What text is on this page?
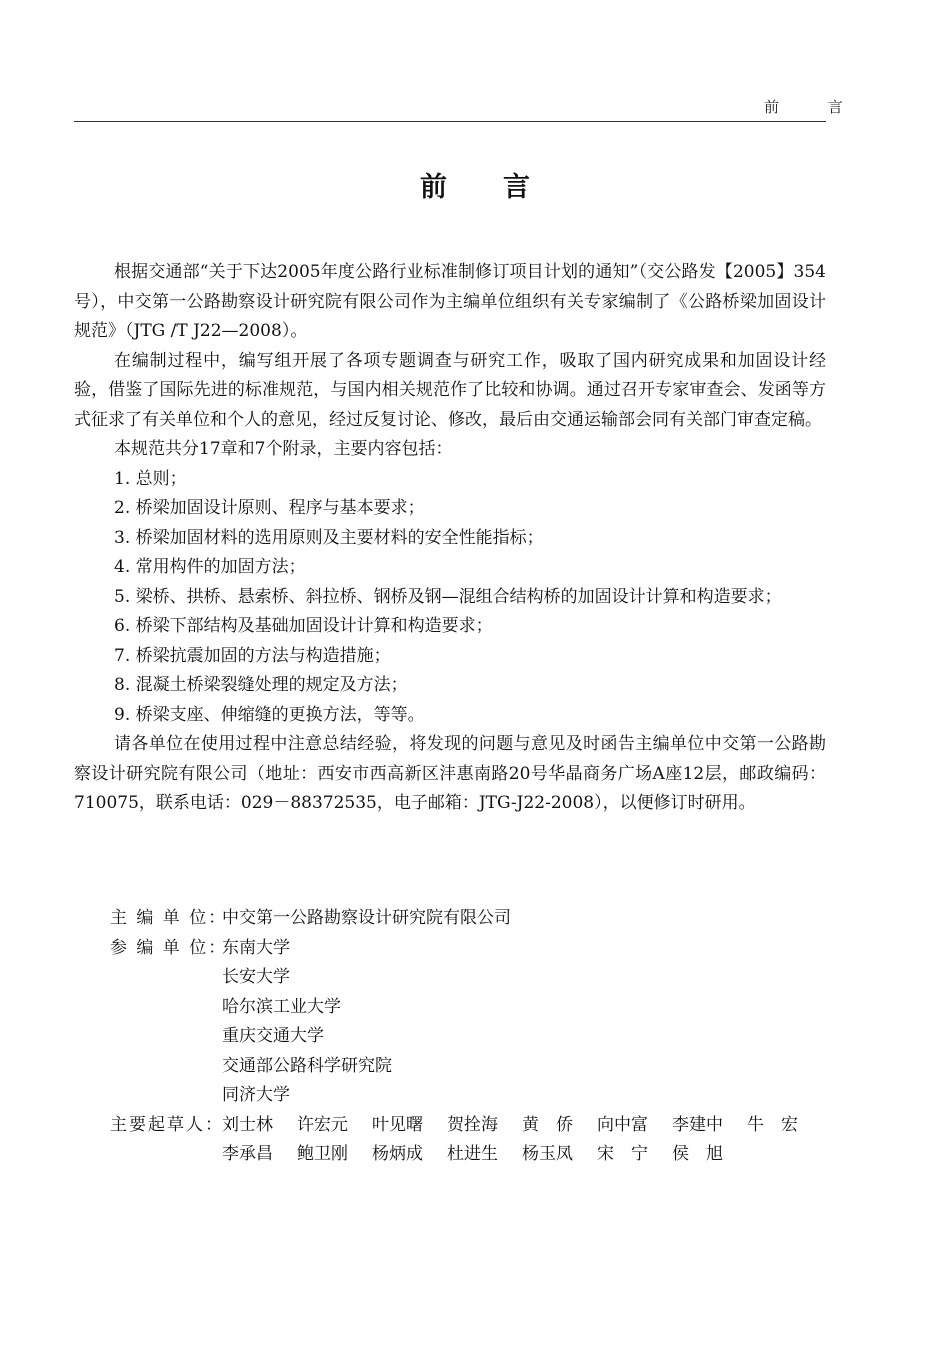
前 言
前言

根据交通部“关于下达2005年度公路行业标准制修订项目计划的通知”（交公路发【2005】354号），中交第一公路勘察设计研究院有限公司作为主编单位组织有关专家编制了《公路桥梁加固设计规范》（JTG /T J22—2008）。

在编制过程中，编写组开展了各项专题调查与研究工作，吸取了国内研究成果和加固设计经验，借鉴了国际先进的标准规范，与国内相关规范作了比较和协调。通过召开专家审查会、发函等方式征求了有关单位和个人的意见，经过反复讨论、修改，最后由交通运输部会同有关部门审查定稿。

本规范共分17章和7个附录，主要内容包括：

1. 总则；

2. 桥梁加固设计原则、程序与基本要求；

3. 桥梁加固材料的选用原则及主要材料的安全性能指标；

4. 常用构件的加固方法；

5. 梁桥、拱桥、悬索桥、斜拉桥、钢桥及钢—混组合结构桥的加固设计计算和构造要求；

6. 桥梁下部结构及基础加固设计计算和构造要求；

7. 桥梁抗震加固的方法与构造措施；

8. 混凝土桥梁裂缝处理的规定及方法；

9. 桥梁支座、伸缩缝的更换方法，等等。

请各单位在使用过程中注意总结经验，将发现的问题与意见及时函告主编单位中交第一公路勘察设计研究院有限公司（地址：西安市西高新区沣惠南路20号华晶商务广场A座12层，邮政编码：710075，联系电话：029－88372535，电子邮箱：JTG-J22-2008），以便修订时研用。

主 编 单 位：
中交第一公路勘察设计研究院有限公司
参 编 单 位：
东南大学
长安大学
哈尔滨工业大学
重庆交通大学
交通部公路科学研究院
同济大学
主要起草人：
刘士林	许宏元	叶见曙	贺拴海	黄　侨	向中富	李建中	牛　宏
李承昌	鲍卫刚	杨炳成	杜进生	杨玉凤	宋　宁	侯　旭
